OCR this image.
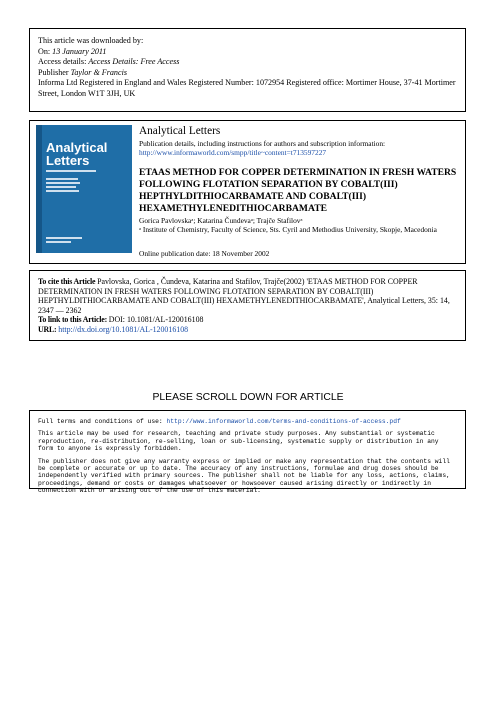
This article was downloaded by:
On: 13 January 2011
Access details: Access Details: Free Access
Publisher Taylor & Francis
Informa Ltd Registered in England and Wales Registered Number: 1072954 Registered office: Mortimer House, 37-41 Mortimer Street, London W1T 3JH, UK
Analytical
Letters
Analytical Letters
Publication details, including instructions for authors and subscription information:
http://www.informaworld.com/smpp/title~content=t713597227
ETAAS METHOD FOR COPPER DETERMINATION IN FRESH WATERS FOLLOWING FLOTATION SEPARATION BY COBALT(III) HEPTHYLDITHIOCARBAMATE AND COBALT(III) HEXAMETHYLENEDITHIOCARBAMATE
Gorica Pavlovskaᵃ; Katarina Čundevaᵃ; Trajče Stafilovᵃ
ᵃ Institute of Chemistry, Faculty of Science, Sts. Cyril and Methodius University, Skopje, Macedonia
Online publication date: 18 November 2002
To cite this Article Pavlovska, Gorica , Čundeva, Katarina and Stafilov, Trajče(2002) 'ETAAS METHOD FOR COPPER DETERMINATION IN FRESH WATERS FOLLOWING FLOTATION SEPARATION BY COBALT(III) HEPTHYLDITHIOCARBAMATE AND COBALT(III) HEXAMETHYLENEDITHIOCARBAMATE', Analytical Letters, 35: 14, 2347 — 2362
To link to this Article: DOI: 10.1081/AL-120016108
URL: http://dx.doi.org/10.1081/AL-120016108
PLEASE SCROLL DOWN FOR ARTICLE

Full terms and conditions of use: http://www.informaworld.com/terms-and-conditions-of-access.pdf

This article may be used for research, teaching and private study purposes. Any substantial or systematic reproduction, re-distribution, re-selling, loan or sub-licensing, systematic supply or distribution in any form to anyone is expressly forbidden.

The publisher does not give any warranty express or implied or make any representation that the contents will be complete or accurate or up to date. The accuracy of any instructions, formulae and drug doses should be independently verified with primary sources. The publisher shall not be liable for any loss, actions, claims, proceedings, demand or costs or damages whatsoever or howsoever caused arising directly or indirectly in connection with or arising out of the use of this material.
